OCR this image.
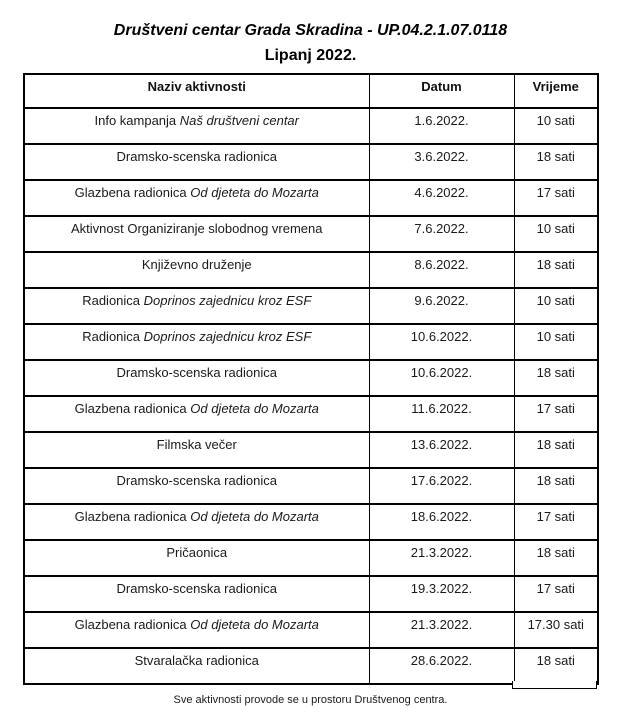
Društveni centar Grada Skradina - UP.04.2.1.07.0118
Lipanj 2022.
Naziv aktivnosti	Datum	Vrijeme
Info kampanja Naš društveni centar	1.6.2022.	10 sati
Dramsko-scenska radionica	3.6.2022.	18 sati
Glazbena radionica Od djeteta do Mozarta	4.6.2022.	17 sati
Aktivnost Organiziranje slobodnog vremena	7.6.2022.	10 sati
Književno druženje	8.6.2022.	18 sati
Radionica Doprinos zajednicu kroz ESF	9.6.2022.	10 sati
Radionica Doprinos zajednicu kroz ESF	10.6.2022.	10 sati
Dramsko-scenska radionica	10.6.2022.	18 sati
Glazbena radionica Od djeteta do Mozarta	11.6.2022.	17 sati
Filmska večer	13.6.2022.	18 sati
Dramsko-scenska radionica	17.6.2022.	18 sati
Glazbena radionica Od djeteta do Mozarta	18.6.2022.	17 sati
Pričaonica	21.3.2022.	18 sati
Dramsko-scenska radionica	19.3.2022.	17 sati
Glazbena radionica Od djeteta do Mozarta	21.3.2022.	17.30 sati
Stvaralačka radionica	28.6.2022.	18 sati

Sve aktivnosti provode se u prostoru Društvenog centra.
